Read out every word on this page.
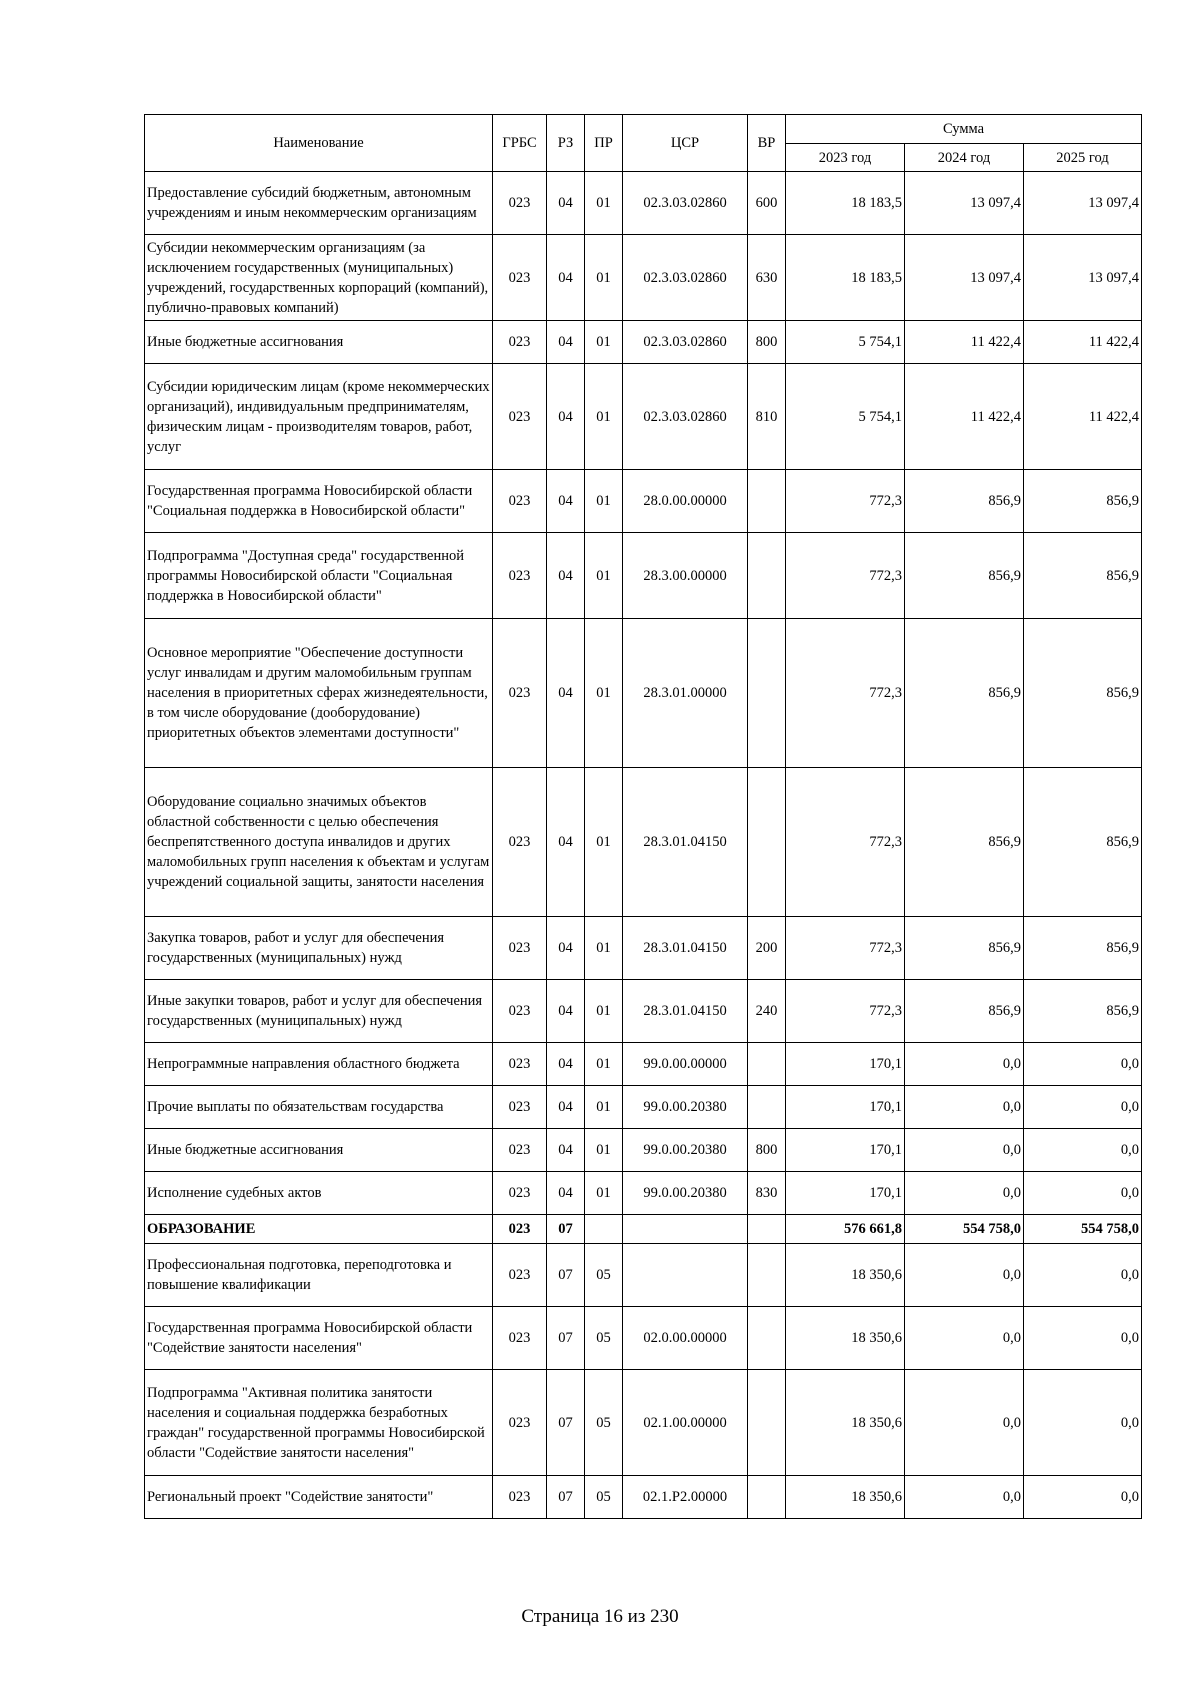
Наименование	ГРБС	РЗ	ПР	ЦСР	ВР	Сумма		
						2023 год	2024 год	2025 год
Предоставление субсидий бюджетным, автономным учреждениям и иным некоммерческим организациям	023	04	01	02.3.03.02860	600	18 183,5	13 097,4	13 097,4
Субсидии некоммерческим организациям (за исключением государственных (муниципальных) учреждений, государственных корпораций (компаний), публично-правовых компаний)	023	04	01	02.3.03.02860	630	18 183,5	13 097,4	13 097,4
Иные бюджетные ассигнования	023	04	01	02.3.03.02860	800	5 754,1	11 422,4	11 422,4
Субсидии юридическим лицам (кроме некоммерческих организаций), индивидуальным предпринимателям, физическим лицам - производителям товаров, работ, услуг	023	04	01	02.3.03.02860	810	5 754,1	11 422,4	11 422,4
Государственная программа Новосибирской области "Социальная поддержка в Новосибирской области"	023	04	01	28.0.00.00000		772,3	856,9	856,9
Подпрограмма "Доступная среда" государственной программы Новосибирской области "Социальная поддержка в Новосибирской области"	023	04	01	28.3.00.00000		772,3	856,9	856,9
Основное мероприятие "Обеспечение доступности услуг инвалидам и другим маломобильным группам населения в приоритетных сферах жизнедеятельности, в том числе оборудование (дооборудование) приоритетных объектов элементами доступности"	023	04	01	28.3.01.00000		772,3	856,9	856,9
Оборудование социально значимых объектов областной собственности с целью обеспечения беспрепятственного доступа инвалидов и других маломобильных групп населения к объектам и услугам учреждений социальной защиты, занятости населения	023	04	01	28.3.01.04150		772,3	856,9	856,9
Закупка товаров, работ и услуг для обеспечения государственных (муниципальных) нужд	023	04	01	28.3.01.04150	200	772,3	856,9	856,9
Иные закупки товаров, работ и услуг для обеспечения государственных (муниципальных) нужд	023	04	01	28.3.01.04150	240	772,3	856,9	856,9
Непрограммные направления областного бюджета	023	04	01	99.0.00.00000		170,1	0,0	0,0
Прочие выплаты по обязательствам государства	023	04	01	99.0.00.20380		170,1	0,0	0,0
Иные бюджетные ассигнования	023	04	01	99.0.00.20380	800	170,1	0,0	0,0
Исполнение судебных актов	023	04	01	99.0.00.20380	830	170,1	0,0	0,0
ОБРАЗОВАНИЕ	023	07				576 661,8	554 758,0	554 758,0
Профессиональная подготовка, переподготовка и повышение квалификации	023	07	05			18 350,6	0,0	0,0
Государственная программа Новосибирской области "Содействие занятости населения"	023	07	05	02.0.00.00000		18 350,6	0,0	0,0
Подпрограмма "Активная политика занятости населения и социальная поддержка безработных граждан" государственной программы Новосибирской области "Содействие занятости населения"	023	07	05	02.1.00.00000		18 350,6	0,0	0,0
Региональный проект "Содействие занятости"	023	07	05	02.1.P2.00000		18 350,6	0,0	0,0
Страница 16 из 230
